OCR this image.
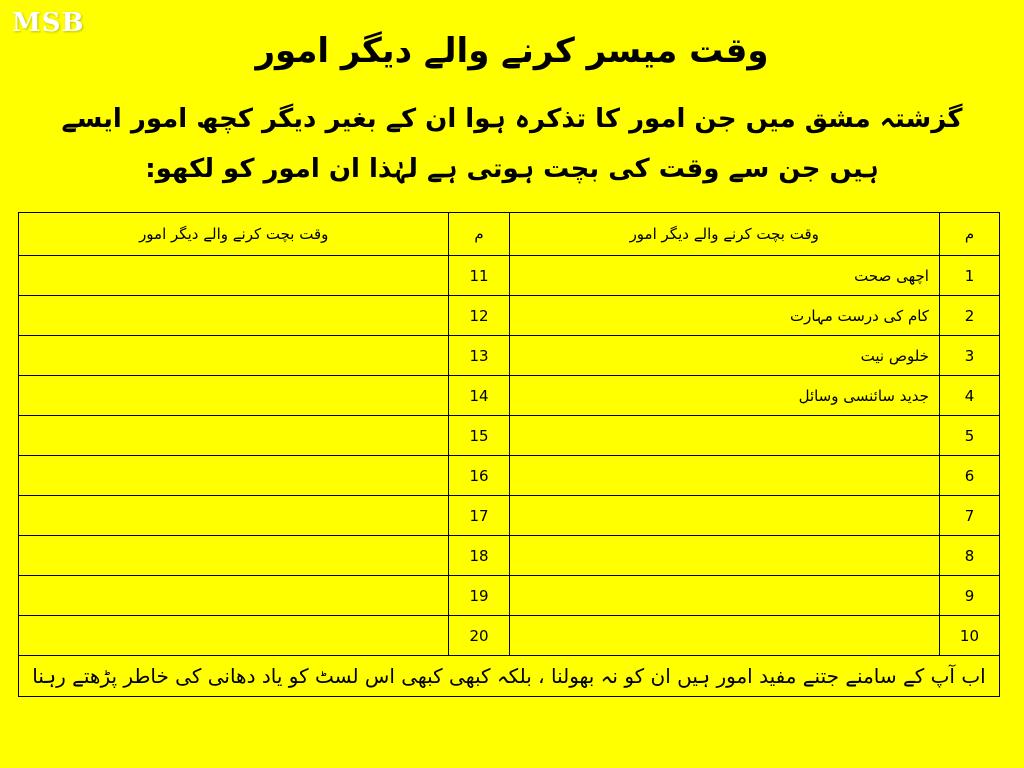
MSB
وقت میسر کرنے والے دیگر امور
گزشتہ مشق میں جن امور کا تذکرہ ہوا ان کے بغیر دیگر کچھ امور ایسے ہیں جن سے وقت کی بچت ہوتی ہے لہٰذا ان امور کو لکھو:
م	وقت بچت کرنے والے دیگر امور	م	وقت بچت کرنے والے دیگر امور
1	اچھی صحت	11	
2	کام کی درست مہارت	12	
3	خلوص نیت	13	
4	جدید سائنسی وسائل	14	
5		15	
6		16	
7		17	
8		18	
9		19	
10		20	
اب آپ کے سامنے جتنے مفید امور ہیں ان کو نہ بھولنا ، بلکہ کبھی کبھی اس لسٹ کو یاد دھانی کی خاطر پڑھتے رہنا			
